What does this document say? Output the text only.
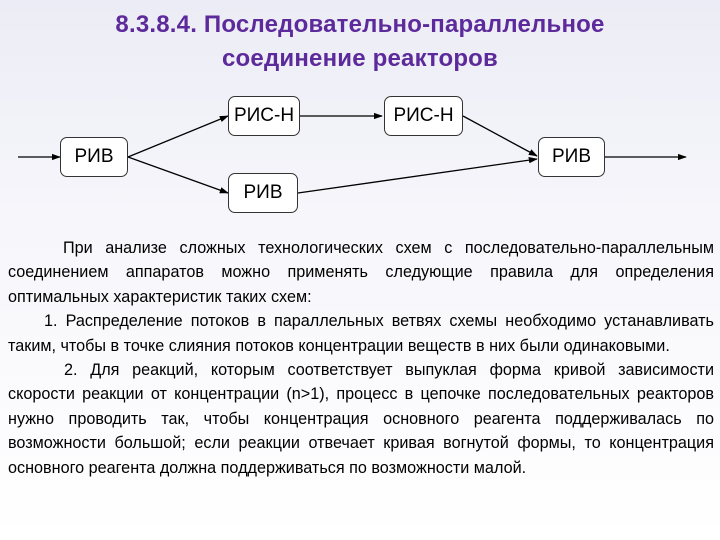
8.3.8.4. Последовательно-параллельное
соединение реакторов
РИВ
РИС-Н	РИС-Н
РИВ
РИВ

При анализе сложных технологических схем с последовательно-параллельным соединением аппаратов можно применять следующие правила для определения оптимальных характеристик таких схем:

1. Распределение потоков в параллельных ветвях схемы необходимо устанавливать таким, чтобы в точке слияния потоков концентрации веществ в них были одинаковыми.

2. Для реакций, которым соответствует выпуклая форма кривой зависимости скорости реакции от концентрации (n>1), процесс в цепочке последовательных реакторов нужно проводить так, чтобы концентрация основного реагента поддерживалась по возможности большой; если реакции отвечает кривая вогнутой формы, то концентрация основного реагента должна поддерживаться по возможности малой.
